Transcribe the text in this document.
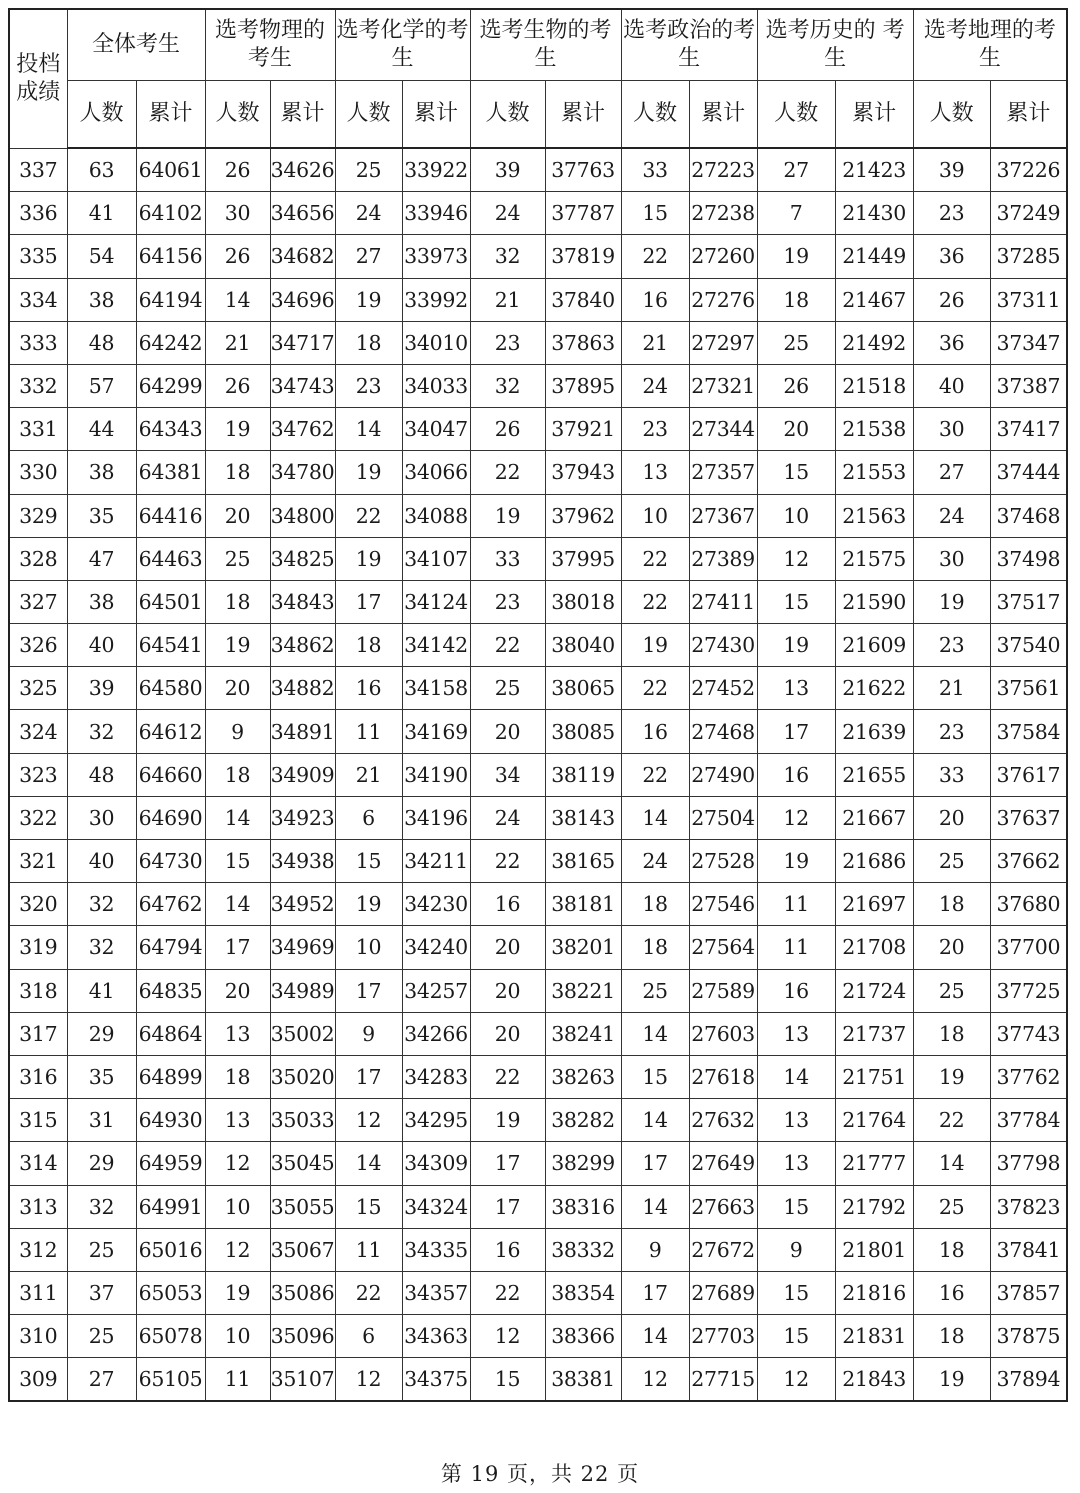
投档成绩	全体考生		选考物理的考生		选考化学的考生		选考生物的考生		选考政治的考生		选考历史的 考生		选考地理的考生	
	人数	累计	人数	累计	人数	累计	人数	累计	人数	累计	人数	累计	人数	累计
337	63	64061	26	34626	25	33922	39	37763	33	27223	27	21423	39	37226
336	41	64102	30	34656	24	33946	24	37787	15	27238	7	21430	23	37249
335	54	64156	26	34682	27	33973	32	37819	22	27260	19	21449	36	37285
334	38	64194	14	34696	19	33992	21	37840	16	27276	18	21467	26	37311
333	48	64242	21	34717	18	34010	23	37863	21	27297	25	21492	36	37347
332	57	64299	26	34743	23	34033	32	37895	24	27321	26	21518	40	37387
331	44	64343	19	34762	14	34047	26	37921	23	27344	20	21538	30	37417
330	38	64381	18	34780	19	34066	22	37943	13	27357	15	21553	27	37444
329	35	64416	20	34800	22	34088	19	37962	10	27367	10	21563	24	37468
328	47	64463	25	34825	19	34107	33	37995	22	27389	12	21575	30	37498
327	38	64501	18	34843	17	34124	23	38018	22	27411	15	21590	19	37517
326	40	64541	19	34862	18	34142	22	38040	19	27430	19	21609	23	37540
325	39	64580	20	34882	16	34158	25	38065	22	27452	13	21622	21	37561
324	32	64612	9	34891	11	34169	20	38085	16	27468	17	21639	23	37584
323	48	64660	18	34909	21	34190	34	38119	22	27490	16	21655	33	37617
322	30	64690	14	34923	6	34196	24	38143	14	27504	12	21667	20	37637
321	40	64730	15	34938	15	34211	22	38165	24	27528	19	21686	25	37662
320	32	64762	14	34952	19	34230	16	38181	18	27546	11	21697	18	37680
319	32	64794	17	34969	10	34240	20	38201	18	27564	11	21708	20	37700
318	41	64835	20	34989	17	34257	20	38221	25	27589	16	21724	25	37725
317	29	64864	13	35002	9	34266	20	38241	14	27603	13	21737	18	37743
316	35	64899	18	35020	17	34283	22	38263	15	27618	14	21751	19	37762
315	31	64930	13	35033	12	34295	19	38282	14	27632	13	21764	22	37784
314	29	64959	12	35045	14	34309	17	38299	17	27649	13	21777	14	37798
313	32	64991	10	35055	15	34324	17	38316	14	27663	15	21792	25	37823
312	25	65016	12	35067	11	34335	16	38332	9	27672	9	21801	18	37841
311	37	65053	19	35086	22	34357	22	38354	17	27689	15	21816	16	37857
310	25	65078	10	35096	6	34363	12	38366	14	27703	15	21831	18	37875
309	27	65105	11	35107	12	34375	15	38381	12	27715	12	21843	19	37894
第 19 页，共 22 页
